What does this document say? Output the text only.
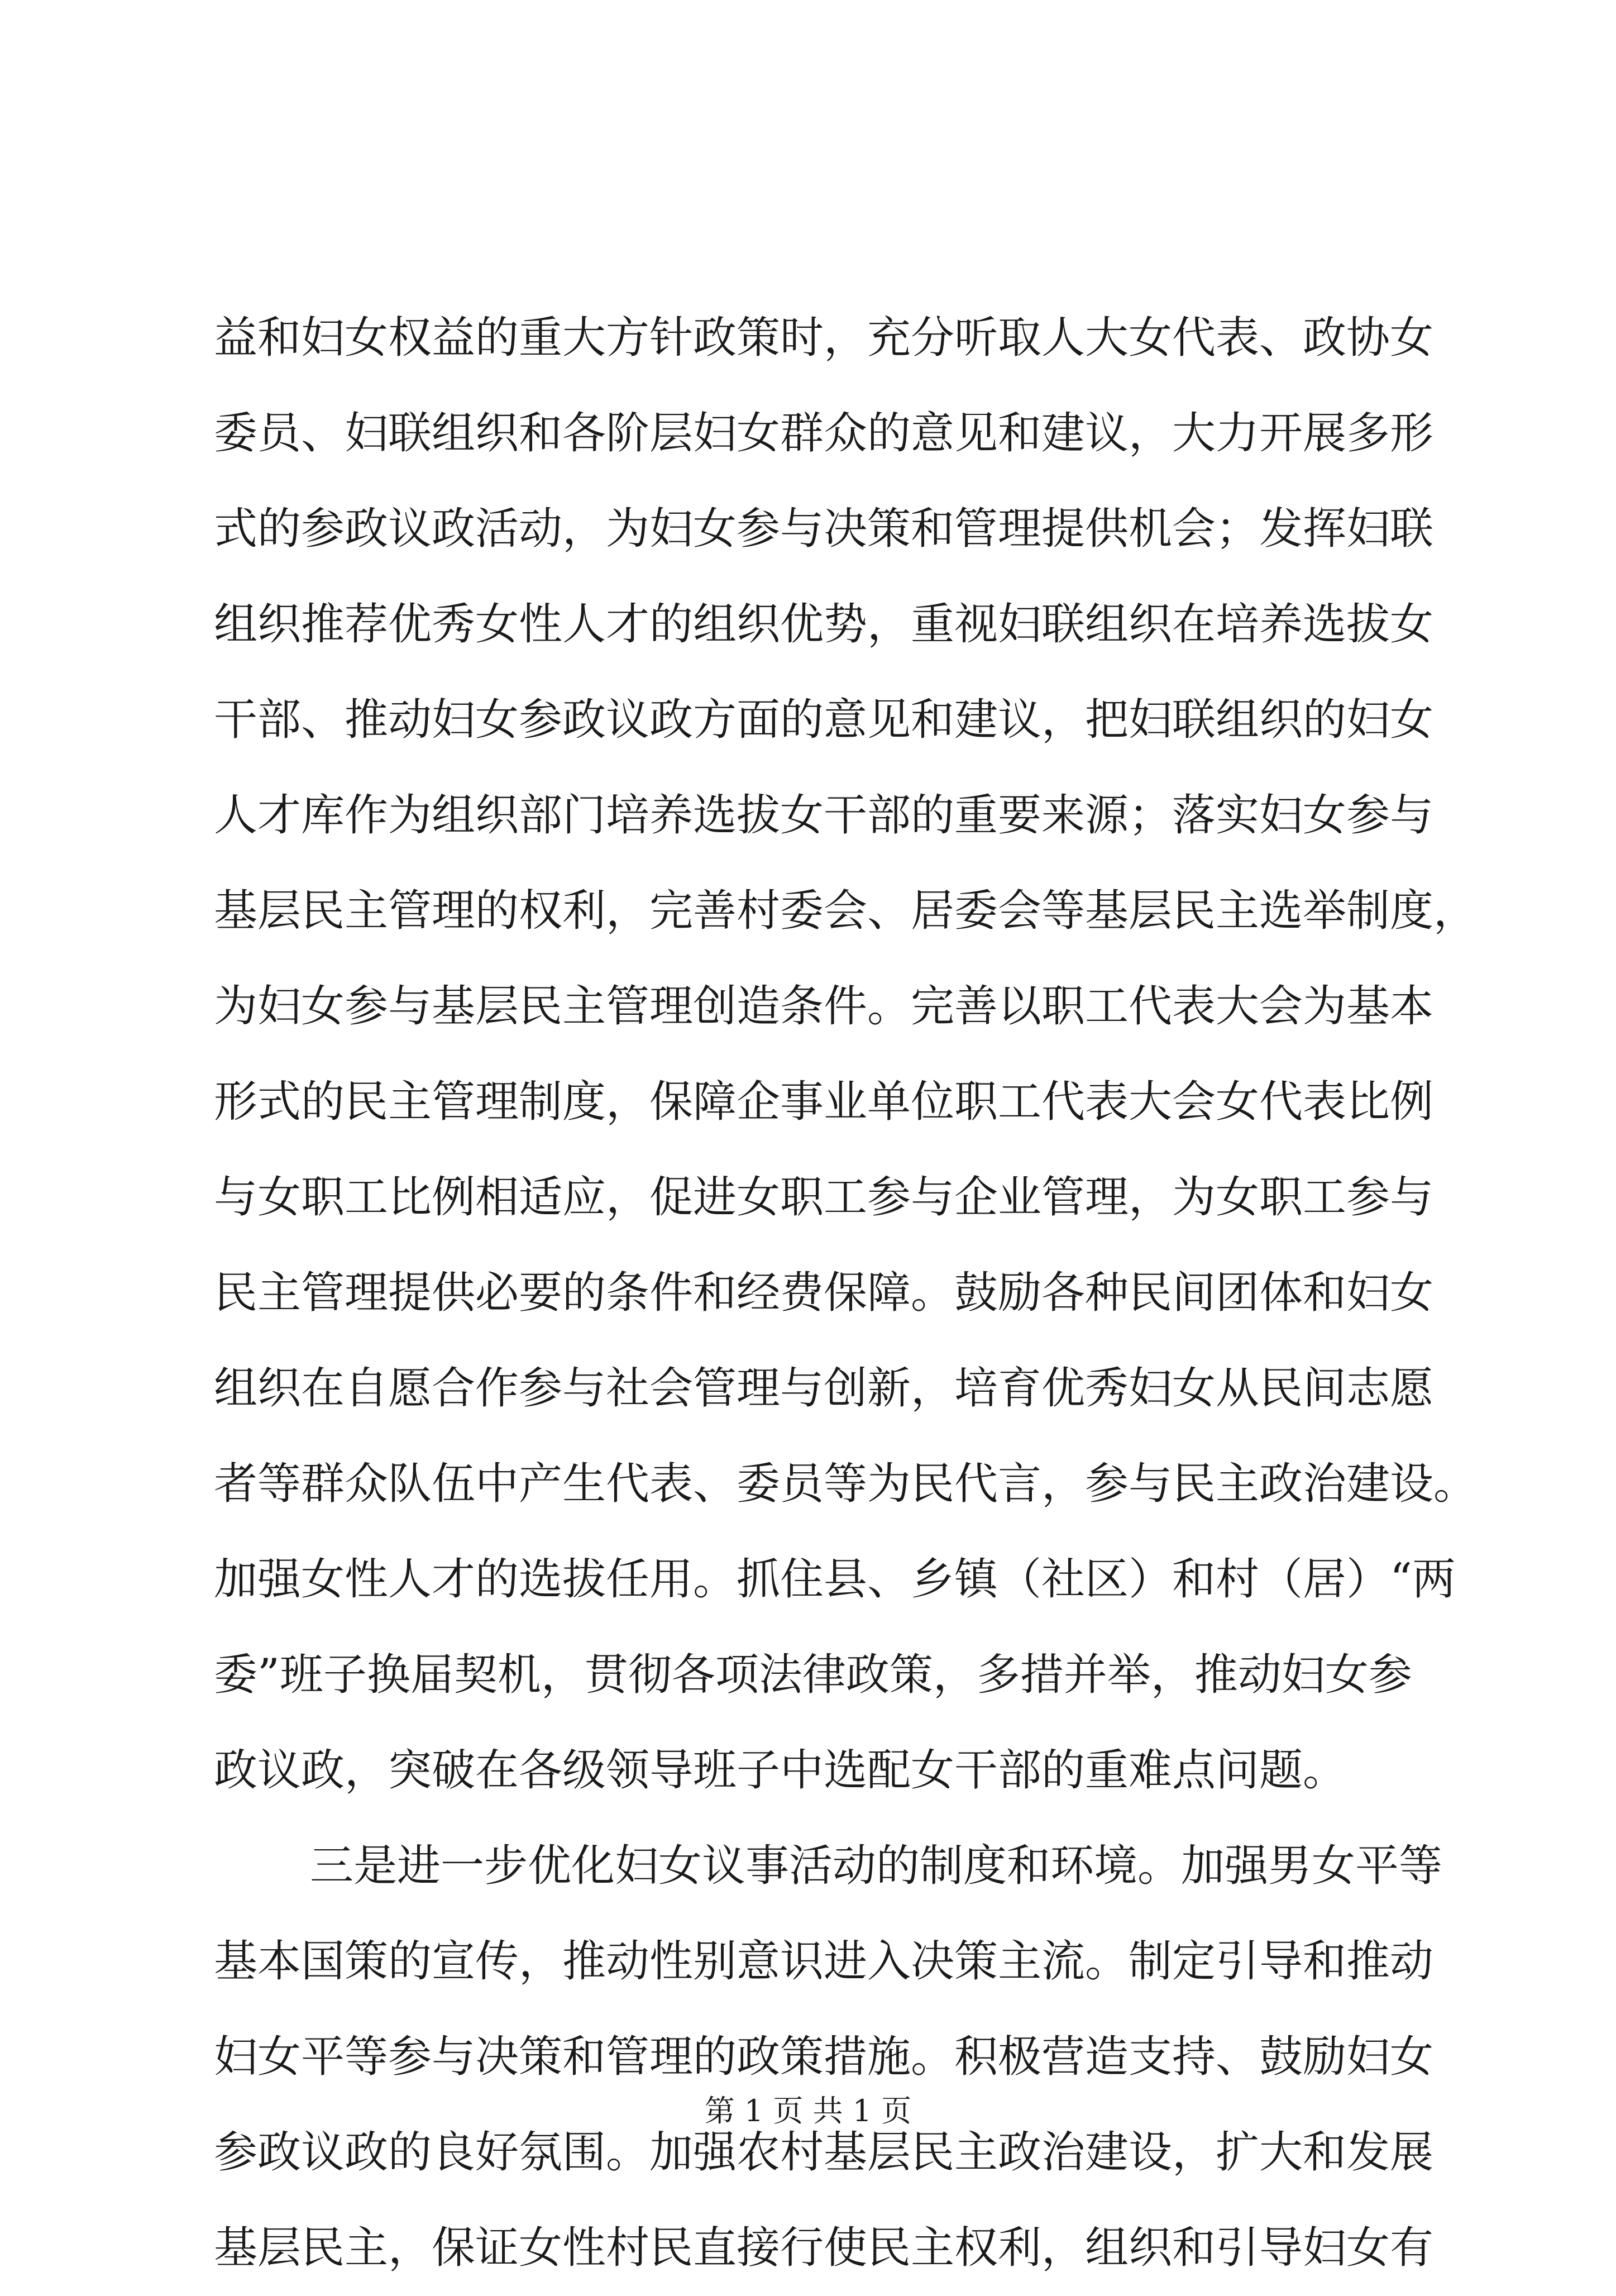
益和妇女权益的重大方针政策时，充分听取人大女代表、政协女
委员、妇联组织和各阶层妇女群众的意见和建议，大力开展多形
式的参政议政活动，为妇女参与决策和管理提供机会；发挥妇联
组织推荐优秀女性人才的组织优势，重视妇联组织在培养选拔女
干部、推动妇女参政议政方面的意见和建议，把妇联组织的妇女
人才库作为组织部门培养选拔女干部的重要来源；落实妇女参与
基层民主管理的权利，完善村委会、居委会等基层民主选举制度，
为妇女参与基层民主管理创造条件。完善以职工代表大会为基本
形式的民主管理制度，保障企事业单位职工代表大会女代表比例
与女职工比例相适应，促进女职工参与企业管理，为女职工参与
民主管理提供必要的条件和经费保障。鼓励各种民间团体和妇女
组织在自愿合作参与社会管理与创新，培育优秀妇女从民间志愿
者等群众队伍中产生代表、委员等为民代言，参与民主政治建设。
加强女性人才的选拔任用。抓住县、乡镇（社区）和村（居）“两
委”班子换届契机，贯彻各项法律政策，多措并举，推动妇女参
政议政，突破在各级领导班子中选配女干部的重难点问题。
三是进一步优化妇女议事活动的制度和环境。加强男女平等
基本国策的宣传，推动性别意识进入决策主流。制定引导和推动
妇女平等参与决策和管理的政策措施。积极营造支持、鼓励妇女
参政议政的良好氛围。加强农村基层民主政治建设，扩大和发展
基层民主，保证女性村民直接行使民主权利，组织和引导妇女有
第 1 页 共 1 页
